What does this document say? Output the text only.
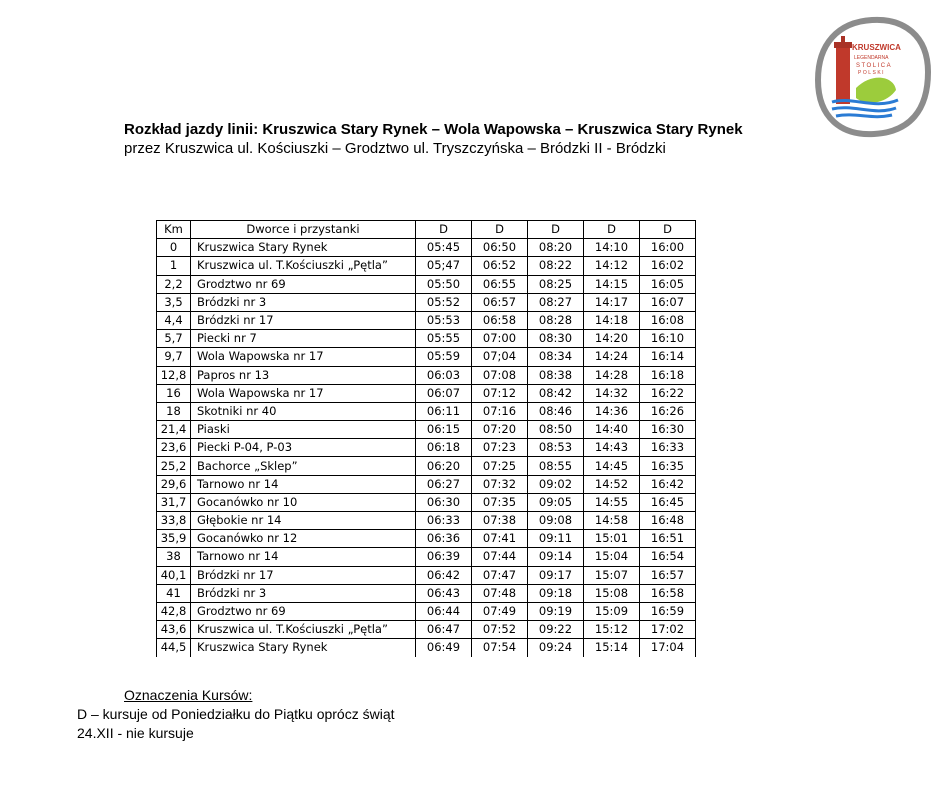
KRUSZWICA
LEGENDARNA
STOLICA
POLSKI

Rozkład jazdy linii: Kruszwica Stary Rynek – Wola Wapowska – Kruszwica Stary Rynek

przez Kruszwica ul. Kościuszki – Grodztwo ul. Tryszczyńska – Bródzki II - Bródzki

Km	Dworce i przystanki	D	D	D	D	D
0	Kruszwica Stary Rynek	05:45	06:50	08:20	14:10	16:00
1	Kruszwica ul. T.Kościuszki „Pętla”	05;47	06:52	08:22	14:12	16:02
2,2	Grodztwo nr 69	05:50	06:55	08:25	14:15	16:05
3,5	Bródzki nr 3	05:52	06:57	08:27	14:17	16:07
4,4	Bródzki nr 17	05:53	06:58	08:28	14:18	16:08
5,7	Piecki nr 7	05:55	07:00	08:30	14:20	16:10
9,7	Wola Wapowska nr 17	05:59	07;04	08:34	14:24	16:14
12,8	Papros nr 13	06:03	07:08	08:38	14:28	16:18
16	Wola Wapowska nr 17	06:07	07:12	08:42	14:32	16:22
18	Skotniki nr 40	06:11	07:16	08:46	14:36	16:26
21,4	Piaski	06:15	07:20	08:50	14:40	16:30
23,6	Piecki P-04, P-03	06:18	07:23	08:53	14:43	16:33
25,2	Bachorce „Sklep”	06:20	07:25	08:55	14:45	16:35
29,6	Tarnowo nr 14	06:27	07:32	09:02	14:52	16:42
31,7	Gocanówko nr 10	06:30	07:35	09:05	14:55	16:45
33,8	Głębokie nr 14	06:33	07:38	09:08	14:58	16:48
35,9	Gocanówko nr 12	06:36	07:41	09:11	15:01	16:51
38	Tarnowo nr 14	06:39	07:44	09:14	15:04	16:54
40,1	Bródzki nr 17	06:42	07:47	09:17	15:07	16:57
41	Bródzki nr 3	06:43	07:48	09:18	15:08	16:58
42,8	Grodztwo nr 69	06:44	07:49	09:19	15:09	16:59
43,6	Kruszwica ul. T.Kościuszki „Pętla”	06:47	07:52	09:22	15:12	17:02
44,5	Kruszwica Stary Rynek	06:49	07:54	09:24	15:14	17:04
Oznaczenia Kursów:
D – kursuje od Poniedziałku do Piątku oprócz świąt
24.XII - nie kursuje
